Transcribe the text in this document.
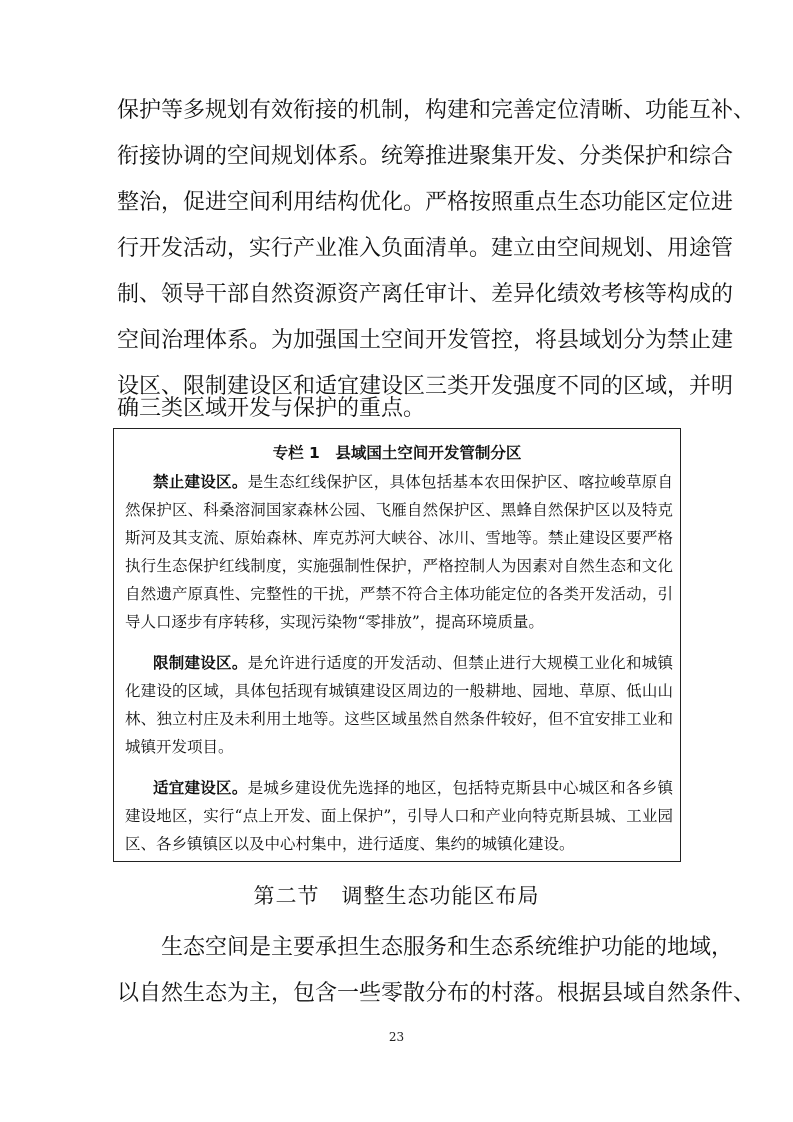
保护等多规划有效衔接的机制，构建和完善定位清晰、功能互补、
衔接协调的空间规划体系。统筹推进聚集开发、分类保护和综合
整治，促进空间利用结构优化。严格按照重点生态功能区定位进
行开发活动，实行产业准入负面清单。建立由空间规划、用途管
制、领导干部自然资源资产离任审计、差异化绩效考核等构成的
空间治理体系。为加强国土空间开发管控，将县域划分为禁止建
设区、限制建设区和适宜建设区三类开发强度不同的区域，并明
确三类区域开发与保护的重点。
专栏 1　县域国土空间开发管制分区
禁止建设区。是生态红线保护区，具体包括基本农田保护区、喀拉峻草原自
然保护区、科桑溶洞国家森林公园、飞雁自然保护区、黑蜂自然保护区以及特克
斯河及其支流、原始森林、库克苏河大峡谷、冰川、雪地等。禁止建设区要严格
执行生态保护红线制度，实施强制性保护，严格控制人为因素对自然生态和文化
自然遗产原真性、完整性的干扰，严禁不符合主体功能定位的各类开发活动，引
导人口逐步有序转移，实现污染物“零排放”，提高环境质量。
限制建设区。是允许进行适度的开发活动、但禁止进行大规模工业化和城镇
化建设的区域，具体包括现有城镇建设区周边的一般耕地、园地、草原、低山山
林、独立村庄及未利用土地等。这些区域虽然自然条件较好，但不宜安排工业和
城镇开发项目。
适宜建设区。是城乡建设优先选择的地区，包括特克斯县中心城区和各乡镇
建设地区，实行“点上开发、面上保护”，引导人口和产业向特克斯县城、工业园
区、各乡镇镇区以及中心村集中，进行适度、集约的城镇化建设。
第二节　调整生态功能区布局
生态空间是主要承担生态服务和生态系统维护功能的地域，
以自然生态为主，包含一些零散分布的村落。根据县域自然条件、
23
